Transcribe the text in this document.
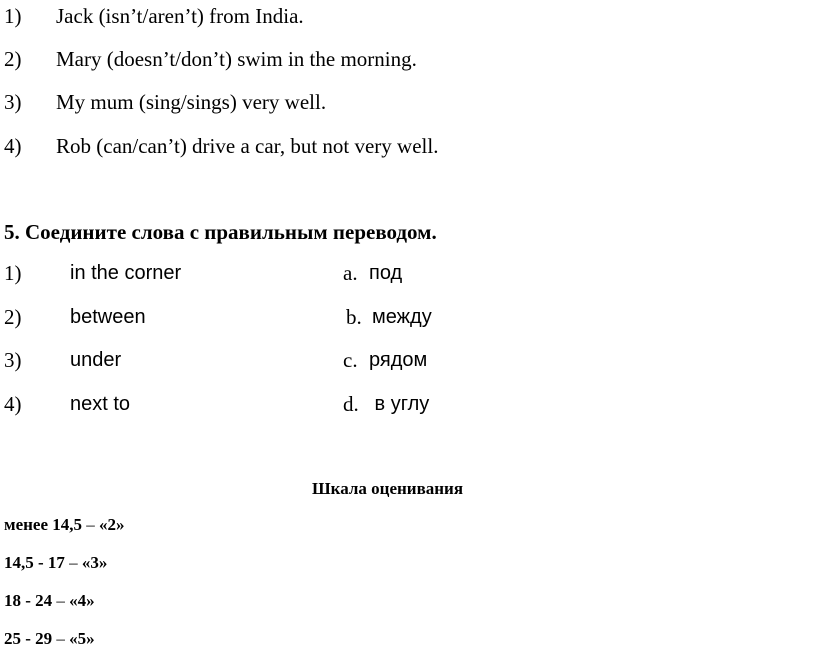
1) Jack (isn’t/aren’t) from India.
2) Mary (doesn’t/don’t) swim in the morning.
3) My mum (sing/sings) very well.
4) Rob (can/can’t) drive a car, but not very well.
5. Соедините слова с правильным переводом.
1) in the corner	a. под
2) between	b. между
3) under	c. рядом
4) next to	d. в углу
Шкала оценивания
менее 14,5 – «2»
14,5 - 17 – «3»
18 - 24 – «4»
25 - 29 – «5»
